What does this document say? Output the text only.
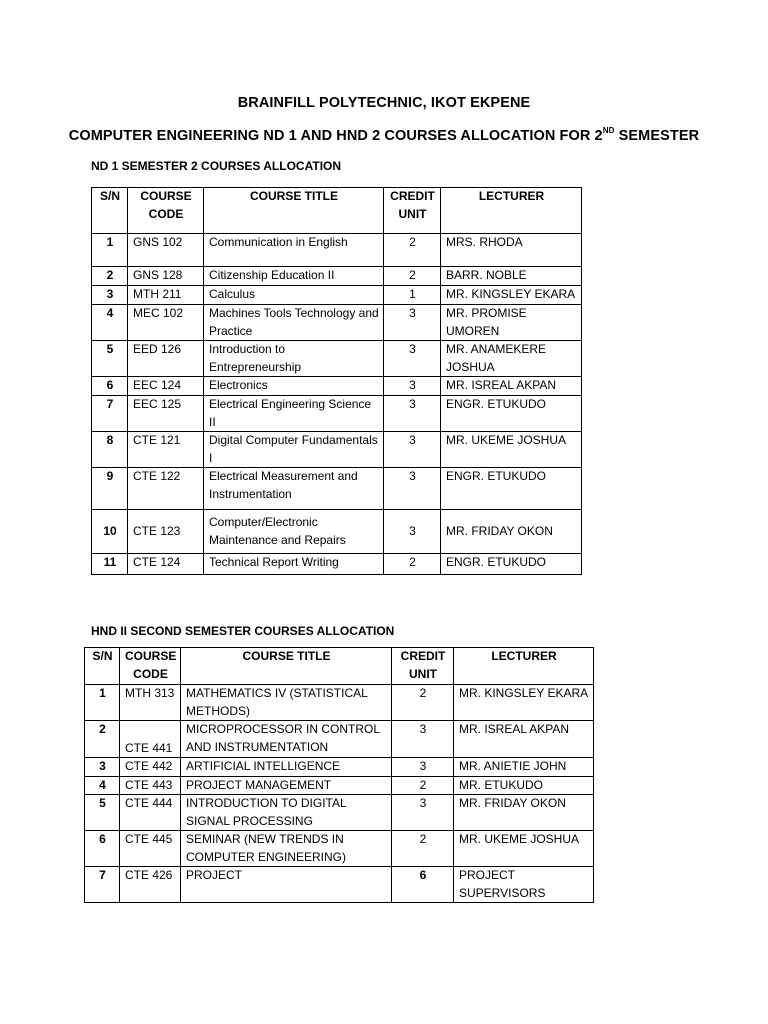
BRAINFILL POLYTECHNIC, IKOT EKPENE
COMPUTER ENGINEERING ND 1 AND HND 2 COURSES ALLOCATION FOR 2ND SEMESTER
ND 1 SEMESTER 2 COURSES ALLOCATION
S/N	COURSE CODE	COURSE TITLE	CREDIT UNIT	LECTURER
1	GNS 102	Communication in English	2	MRS. RHODA
2	GNS 128	Citizenship Education II	2	BARR. NOBLE
3	MTH 211	Calculus	1	MR. KINGSLEY EKARA
4	MEC 102	Machines Tools Technology and Practice	3	MR. PROMISE UMOREN
5	EED 126	Introduction to Entrepreneurship	3	MR. ANAMEKERE JOSHUA
6	EEC 124	Electronics	3	MR. ISREAL AKPAN
7	EEC 125	Electrical Engineering Science II	3	ENGR. ETUKUDO
8	CTE 121	Digital Computer Fundamentals I	3	MR. UKEME JOSHUA
9	CTE 122	Electrical Measurement and Instrumentation	3	ENGR. ETUKUDO
10	CTE 123	Computer/Electronic Maintenance and Repairs	3	MR. FRIDAY OKON
11	CTE 124	Technical Report Writing	2	ENGR. ETUKUDO
HND II SECOND SEMESTER COURSES ALLOCATION
S/N	COURSE CODE	COURSE TITLE	CREDIT UNIT	LECTURER
1	MTH 313	MATHEMATICS IV (STATISTICAL METHODS)	2	MR. KINGSLEY EKARA
2	CTE 441	MICROPROCESSOR IN CONTROL AND INSTRUMENTATION	3	MR. ISREAL AKPAN
3	CTE 442	ARTIFICIAL INTELLIGENCE	3	MR. ANIETIE JOHN
4	CTE 443	PROJECT MANAGEMENT	2	MR. ETUKUDO
5	CTE 444	INTRODUCTION TO DIGITAL SIGNAL PROCESSING	3	MR. FRIDAY OKON
6	CTE 445	SEMINAR (NEW TRENDS IN COMPUTER ENGINEERING)	2	MR. UKEME JOSHUA
7	CTE 426	PROJECT	6	PROJECT SUPERVISORS
